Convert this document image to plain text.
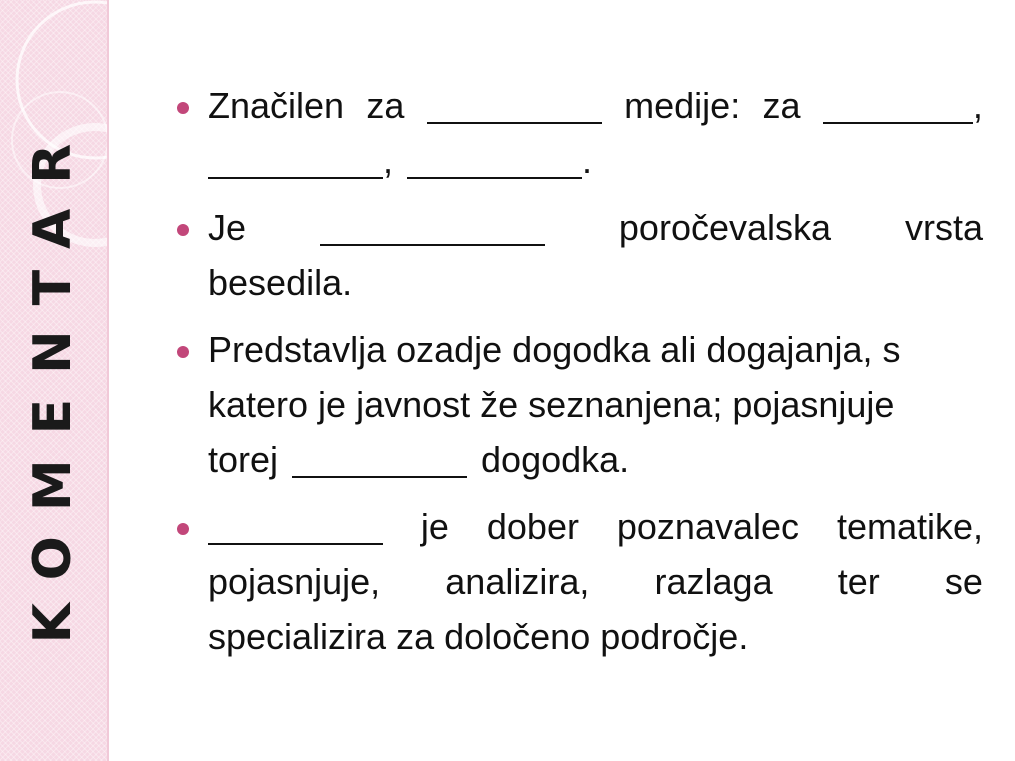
KOMENTAR
Značilen za	medije: za	,
,	.
Je	poročevalska vrsta
besedila.
Predstavlja ozadje dogodka ali dogajanja, s
katero je javnost že seznanjena; pojasnjuje
torej	dogodka.
je dober poznavalec tematike,
pojasnjuje, analizira, razlaga ter se
specializira za določeno področje.
